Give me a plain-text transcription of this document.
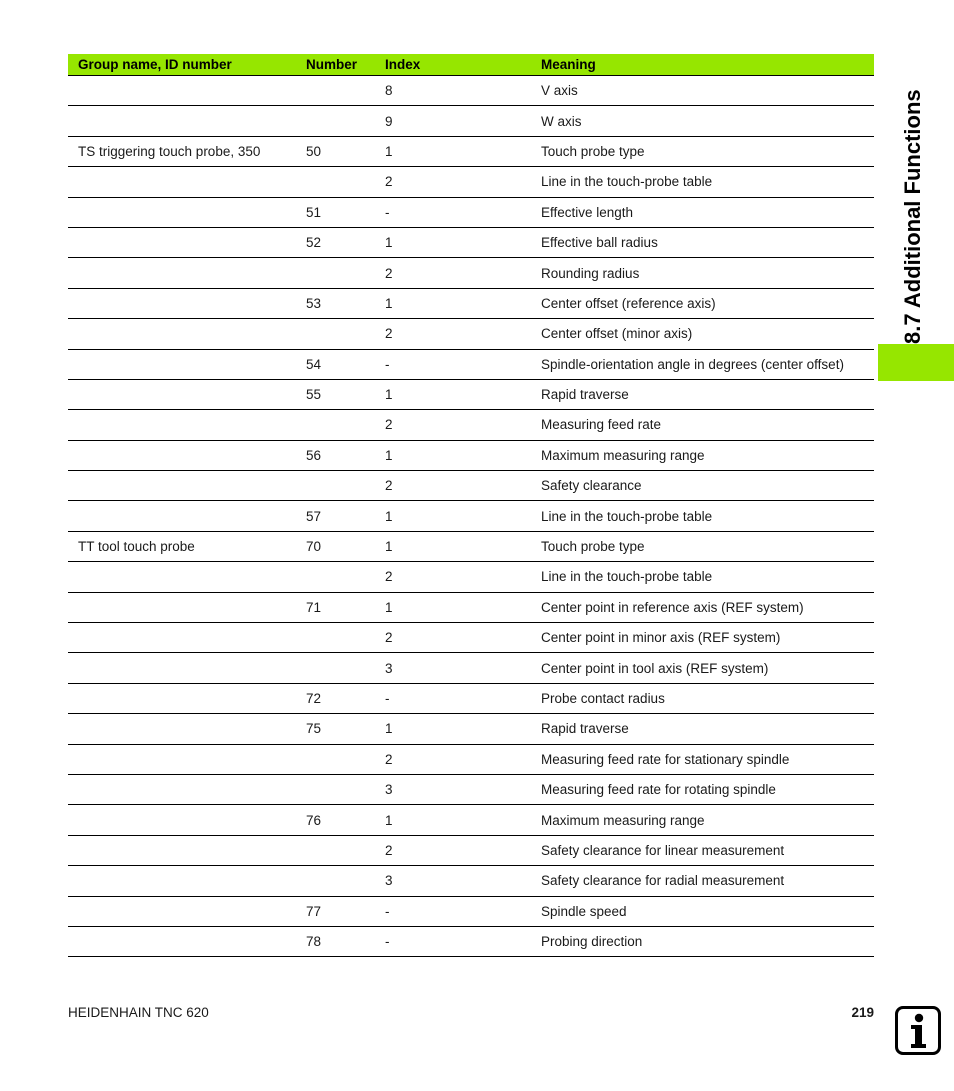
8.7 Additional Functions
Group name, ID number	Number	Index	Meaning
		8	V axis
		9	W axis
TS triggering touch probe, 350	50	1	Touch probe type
		2	Line in the touch-probe table
	51	-	Effective length
	52	1	Effective ball radius
		2	Rounding radius
	53	1	Center offset (reference axis)
		2	Center offset (minor axis)
	54	-	Spindle-orientation angle in degrees (center offset)
	55	1	Rapid traverse
		2	Measuring feed rate
	56	1	Maximum measuring range
		2	Safety clearance
	57	1	Line in the touch-probe table
TT tool touch probe	70	1	Touch probe type
		2	Line in the touch-probe table
	71	1	Center point in reference axis (REF system)
		2	Center point in minor axis (REF system)
		3	Center point in tool axis (REF system)
	72	-	Probe contact radius
	75	1	Rapid traverse
		2	Measuring feed rate for stationary spindle
		3	Measuring feed rate for rotating spindle
	76	1	Maximum measuring range
		2	Safety clearance for linear measurement
		3	Safety clearance for radial measurement
	77	-	Spindle speed
	78	-	Probing direction
HEIDENHAIN TNC 620	219
